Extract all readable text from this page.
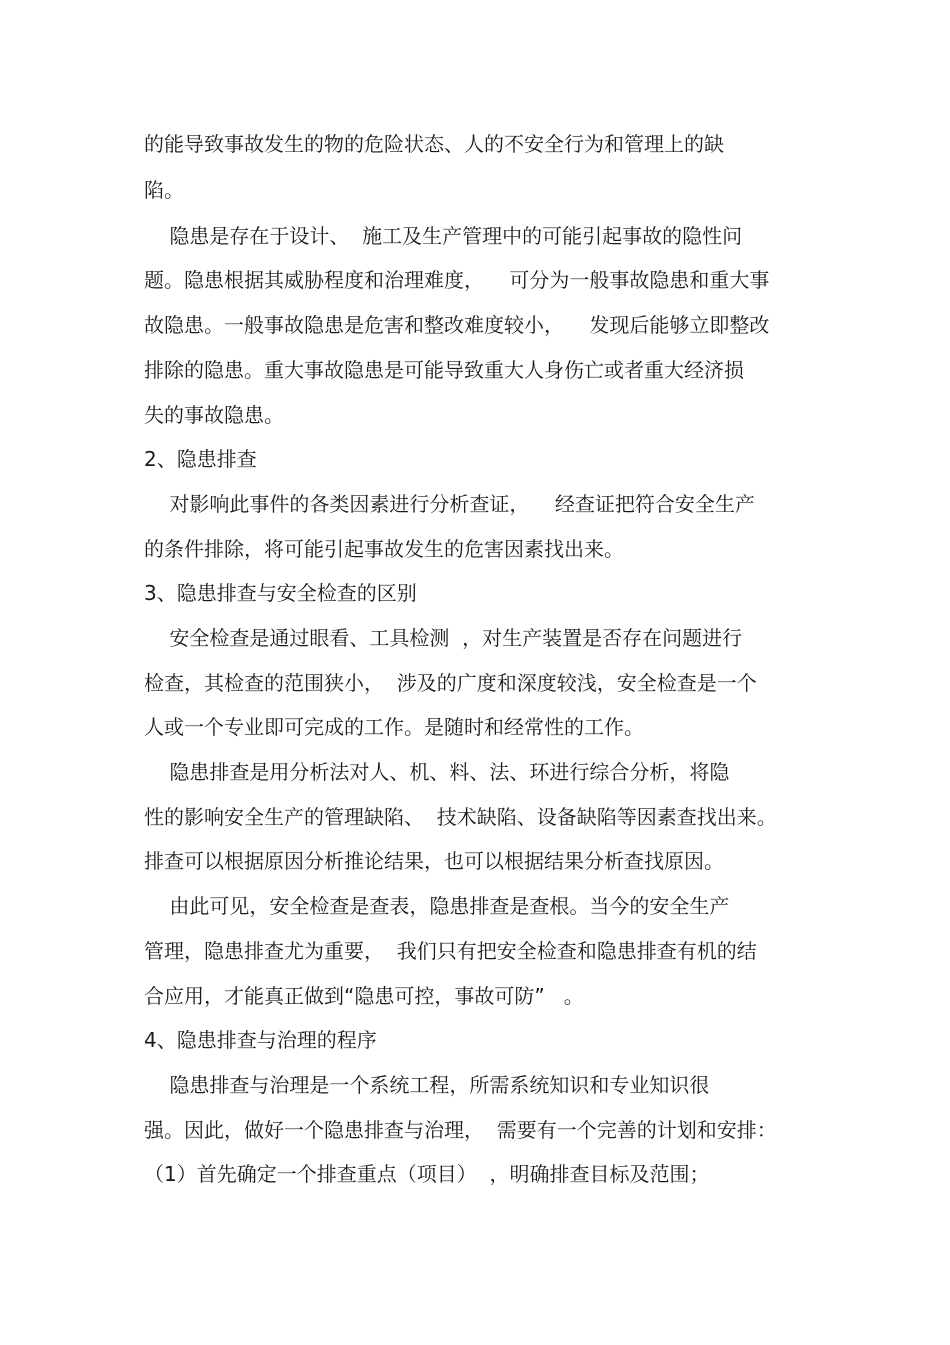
的能导致事故发生的物的危险状态、人的不安全行为和管理上的缺
陷。
隐患是存在于设计、  施工及生产管理中的可能引起事故的隐性问
题。隐患根据其威胁程度和治理难度，    可分为一般事故隐患和重大事
故隐患。一般事故隐患是危害和整改难度较小，    发现后能够立即整改
排除的隐患。重大事故隐患是可能导致重大人身伤亡或者重大经济损
失的事故隐患。
2、隐患排查
对影响此事件的各类因素进行分析查证，    经查证把符合安全生产
的条件排除，将可能引起事故发生的危害因素找出来。
3、隐患排查与安全检查的区别
安全检查是通过眼看、工具检测  ，对生产装置是否存在问题进行
检查，其检查的范围狭小，  涉及的广度和深度较浅，安全检查是一个
人或一个专业即可完成的工作。是随时和经常性的工作。
隐患排查是用分析法对人、机、料、法、环进行综合分析，将隐
性的影响安全生产的管理缺陷、  技术缺陷、设备缺陷等因素查找出来。
排查可以根据原因分析推论结果，也可以根据结果分析查找原因。
由此可见，安全检查是查表，隐患排查是查根。当今的安全生产
管理，隐患排查尤为重要，  我们只有把安全检查和隐患排查有机的结
合应用，才能真正做到“隐患可控，事故可防”   。
4、隐患排查与治理的程序
隐患排查与治理是一个系统工程，所需系统知识和专业知识很
强。因此，做好一个隐患排查与治理，  需要有一个完善的计划和安排：
（1）首先确定一个排查重点（项目）  ，明确排查目标及范围；
